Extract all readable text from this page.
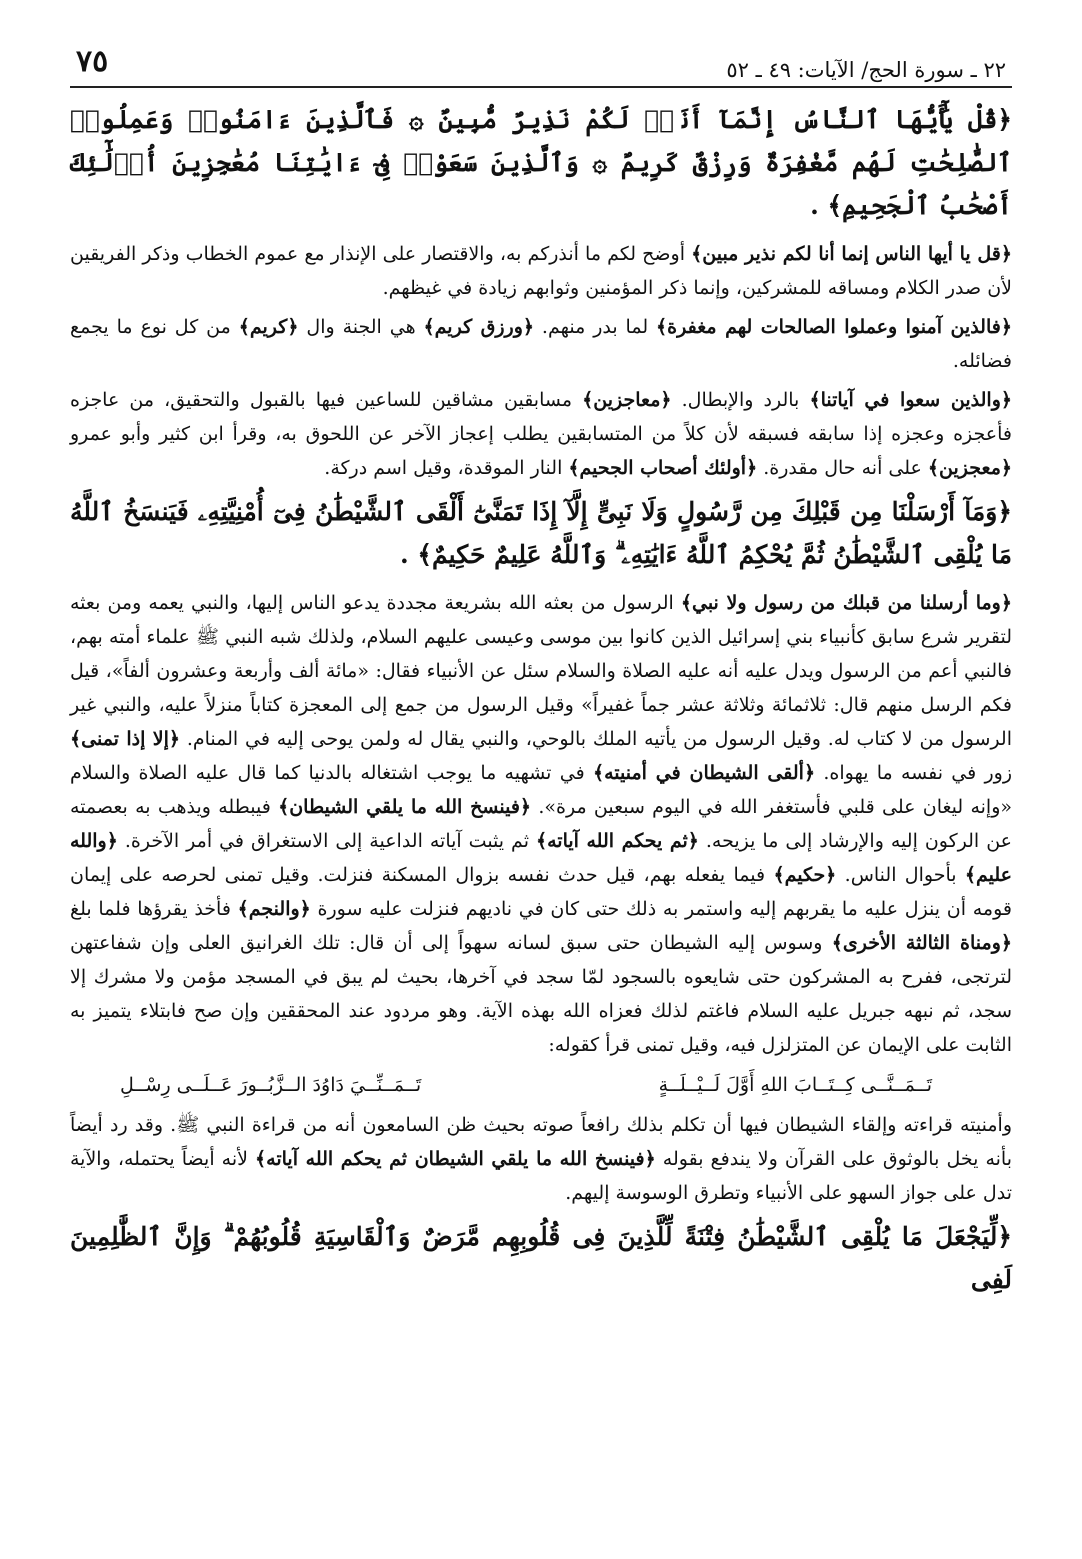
٧٥	٢٢ ـ سورة الحج/ الآيات: ٤٩ ـ ٥٢

﴿قُلْ يَٰٓأَيُّهَا ٱلنَّاسُ إِنَّمَآ أَنَا۠ لَكُمْ نَذِيرٌ مُّبِينٌ ۞ فَٱلَّذِينَ ءَامَنُوا۟ وَعَمِلُوا۟ ٱلصَّٰلِحَٰتِ لَهُم مَّغْفِرَةٌ وَرِزْقٌ كَرِيمٌ ۞ وَٱلَّذِينَ سَعَوْا۟ فِىٓ ءَايَٰتِنَا مُعَٰجِزِينَ أُو۟لَٰٓئِكَ أَصْحَٰبُ ٱلْجَحِيمِ﴾ .

﴿قل يا أيها الناس إنما أنا لكم نذير مبين﴾ أوضح لكم ما أنذركم به، والاقتصار على الإنذار مع عموم الخطاب وذكر الفريقين لأن صدر الكلام ومساقه للمشركين، وإنما ذكر المؤمنين وثوابهم زيادة في غيظهم.

﴿فالذين آمنوا وعملوا الصالحات لهم مغفرة﴾ لما بدر منهم. ﴿ورزق كريم﴾ هي الجنة وال ﴿كريم﴾ من كل نوع ما يجمع فضائله.

﴿والذين سعوا في آياتنا﴾ بالرد والإبطال. ﴿معاجزين﴾ مسابقين مشاقين للساعين فيها بالقبول والتحقيق، من عاجزه فأعجزه وعجزه إذا سابقه فسبقه لأن كلاً من المتسابقين يطلب إعجاز الآخر عن اللحوق به، وقرأ ابن كثير وأبو عمرو ﴿معجزين﴾ على أنه حال مقدرة. ﴿أولئك أصحاب الجحيم﴾ النار الموقدة، وقيل اسم دركة.

﴿وَمَآ أَرْسَلْنَا مِن قَبْلِكَ مِن رَّسُولٍ وَلَا نَبِىٍّ إِلَّآ إِذَا تَمَنَّىٰٓ أَلْقَى ٱلشَّيْطَٰنُ فِىٓ أُمْنِيَّتِهِۦ فَيَنسَخُ ٱللَّهُ مَا يُلْقِى ٱلشَّيْطَٰنُ ثُمَّ يُحْكِمُ ٱللَّهُ ءَايَٰتِهِۦ ۗ وَٱللَّهُ عَلِيمٌ حَكِيمٌ﴾ .

﴿وما أرسلنا من قبلك من رسول ولا نبي﴾ الرسول من بعثه الله بشريعة مجددة يدعو الناس إليها، والنبي يعمه ومن بعثه لتقرير شرع سابق كأنبياء بني إسرائيل الذين كانوا بين موسى وعيسى عليهم السلام، ولذلك شبه النبي ﷺ علماء أمته بهم، فالنبي أعم من الرسول ويدل عليه أنه عليه الصلاة والسلام سئل عن الأنبياء فقال: «مائة ألف وأربعة وعشرون ألفاً»، قيل فكم الرسل منهم قال: ثلاثمائة وثلاثة عشر جماً غفيراً» وقيل الرسول من جمع إلى المعجزة كتاباً منزلاً عليه، والنبي غير الرسول من لا كتاب له. وقيل الرسول من يأتيه الملك بالوحي، والنبي يقال له ولمن يوحى إليه في المنام. ﴿إلا إذا تمنى﴾ زور في نفسه ما يهواه. ﴿ألقى الشيطان في أمنيته﴾ في تشهيه ما يوجب اشتغاله بالدنيا كما قال عليه الصلاة والسلام «وإنه ليغان على قلبي فأستغفر الله في اليوم سبعين مرة». ﴿فينسخ الله ما يلقي الشيطان﴾ فيبطله ويذهب به بعصمته عن الركون إليه والإرشاد إلى ما يزيحه. ﴿ثم يحكم الله آياته﴾ ثم يثبت آياته الداعية إلى الاستغراق في أمر الآخرة. ﴿والله عليم﴾ بأحوال الناس. ﴿حكيم﴾ فيما يفعله بهم، قيل حدث نفسه بزوال المسكنة فنزلت. وقيل تمنى لحرصه على إيمان قومه أن ينزل عليه ما يقربهم إليه واستمر به ذلك حتى كان في ناديهم فنزلت عليه سورة ﴿والنجم﴾ فأخذ يقرؤها فلما بلغ ﴿ومناة الثالثة الأخرى﴾ وسوس إليه الشيطان حتى سبق لسانه سهواً إلى أن قال: تلك الغرانيق العلى وإن شفاعتهن لترتجى، ففرح به المشركون حتى شايعوه بالسجود لمّا سجد في آخرها، بحيث لم يبق في المسجد مؤمن ولا مشرك إلا سجد، ثم نبهه جبريل عليه السلام فاغتم لذلك فعزاه الله بهذه الآية. وهو مردود عند المحققين وإن صح فابتلاء يتميز به الثابت على الإيمان عن المتزلزل فيه، وقيل تمنى قرأ كقوله:

تَــمَــنَّــى كِــتَــابَ اللهِ أَوَّلَ لَــيْــلَــةٍ
تَــمَــنِّــيَ دَاوُدَ الــزَّبُــورَ عَــلَــى رِسْــلِ

وأمنيته قراءته وإلقاء الشيطان فيها أن تكلم بذلك رافعاً صوته بحيث ظن السامعون أنه من قراءة النبي ﷺ. وقد رد أيضاً بأنه يخل بالوثوق على القرآن ولا يندفع بقوله ﴿فينسخ الله ما يلقي الشيطان ثم يحكم الله آياته﴾ لأنه أيضاً يحتمله، والآية تدل على جواز السهو على الأنبياء وتطرق الوسوسة إليهم.

﴿لِّيَجْعَلَ مَا يُلْقِى ٱلشَّيْطَٰنُ فِتْنَةً لِّلَّذِينَ فِى قُلُوبِهِم مَّرَضٌ وَٱلْقَاسِيَةِ قُلُوبُهُمْ ۗ وَإِنَّ ٱلظَّٰلِمِينَ لَفِى
